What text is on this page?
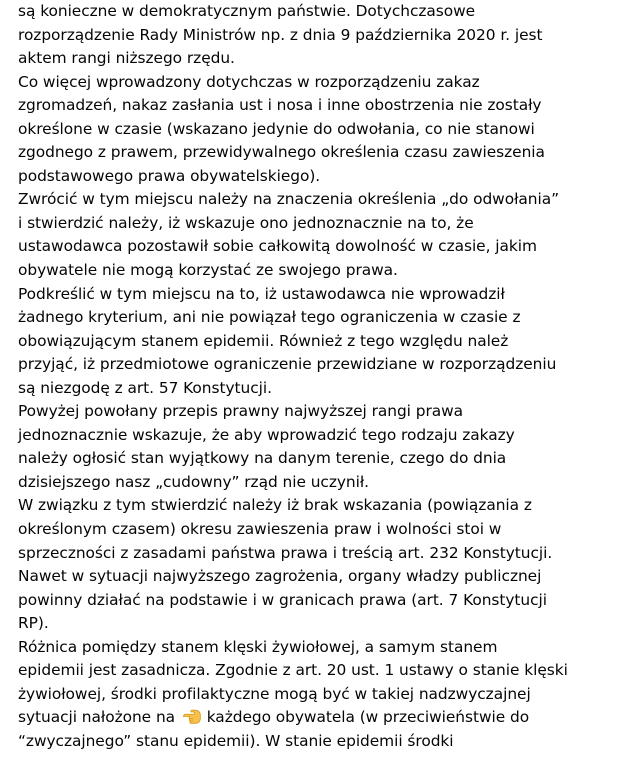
są konieczne w demokratycznym państwie. Dotychczasowe
rozporządzenie Rady Ministrów np. z dnia 9 października 2020 r. jest
aktem rangi niższego rzędu.
Co więcej wprowadzony dotychczas w rozporządzeniu zakaz
zgromadzeń, nakaz zasłania ust i nosa i inne obostrzenia nie zostały
określone w czasie (wskazano jedynie do odwołania, co nie stanowi
zgodnego z prawem, przewidywalnego określenia czasu zawieszenia
podstawowego prawa obywatelskiego).
Zwrócić w tym miejscu należy na znaczenia określenia „do odwołania”
i stwierdzić należy, iż wskazuje ono jednoznacznie na to, że
ustawodawca pozostawił sobie całkowitą dowolność w czasie, jakim
obywatele nie mogą korzystać ze swojego prawa.
Podkreślić w tym miejscu na to, iż ustawodawca nie wprowadził
żadnego kryterium, ani nie powiązał tego ograniczenia w czasie z
obowiązującym stanem epidemii. Również z tego względu należ
przyjąć, iż przedmiotowe ograniczenie przewidziane w rozporządzeniu
są niezgodę z art. 57 Konstytucji.
Powyżej powołany przepis prawny najwyższej rangi prawa
jednoznacznie wskazuje, że aby wprowadzić tego rodzaju zakazy
należy ogłosić stan wyjątkowy na danym terenie, czego do dnia
dzisiejszego nasz „cudowny” rząd nie uczynił.
W związku z tym stwierdzić należy iż brak wskazania (powiązania z
określonym czasem) okresu zawieszenia praw i wolności stoi w
sprzeczności z zasadami państwa prawa i treścią art. 232 Konstytucji.
Nawet w sytuacji najwyższego zagrożenia, organy władzy publicznej
powinny działać na podstawie i w granicach prawa (art. 7 Konstytucji
RP).
Różnica pomiędzy stanem klęski żywiołowej, a samym stanem
epidemii jest zasadnicza. Zgodnie z art. 20 ust. 1 ustawy o stanie klęski
żywiołowej, środki profilaktyczne mogą być w takiej nadzwyczajnej
sytuacji nałożone na  każdego obywatela (w przeciwieństwie do
“zwyczajnego” stanu epidemii). W stanie epidemii środki
